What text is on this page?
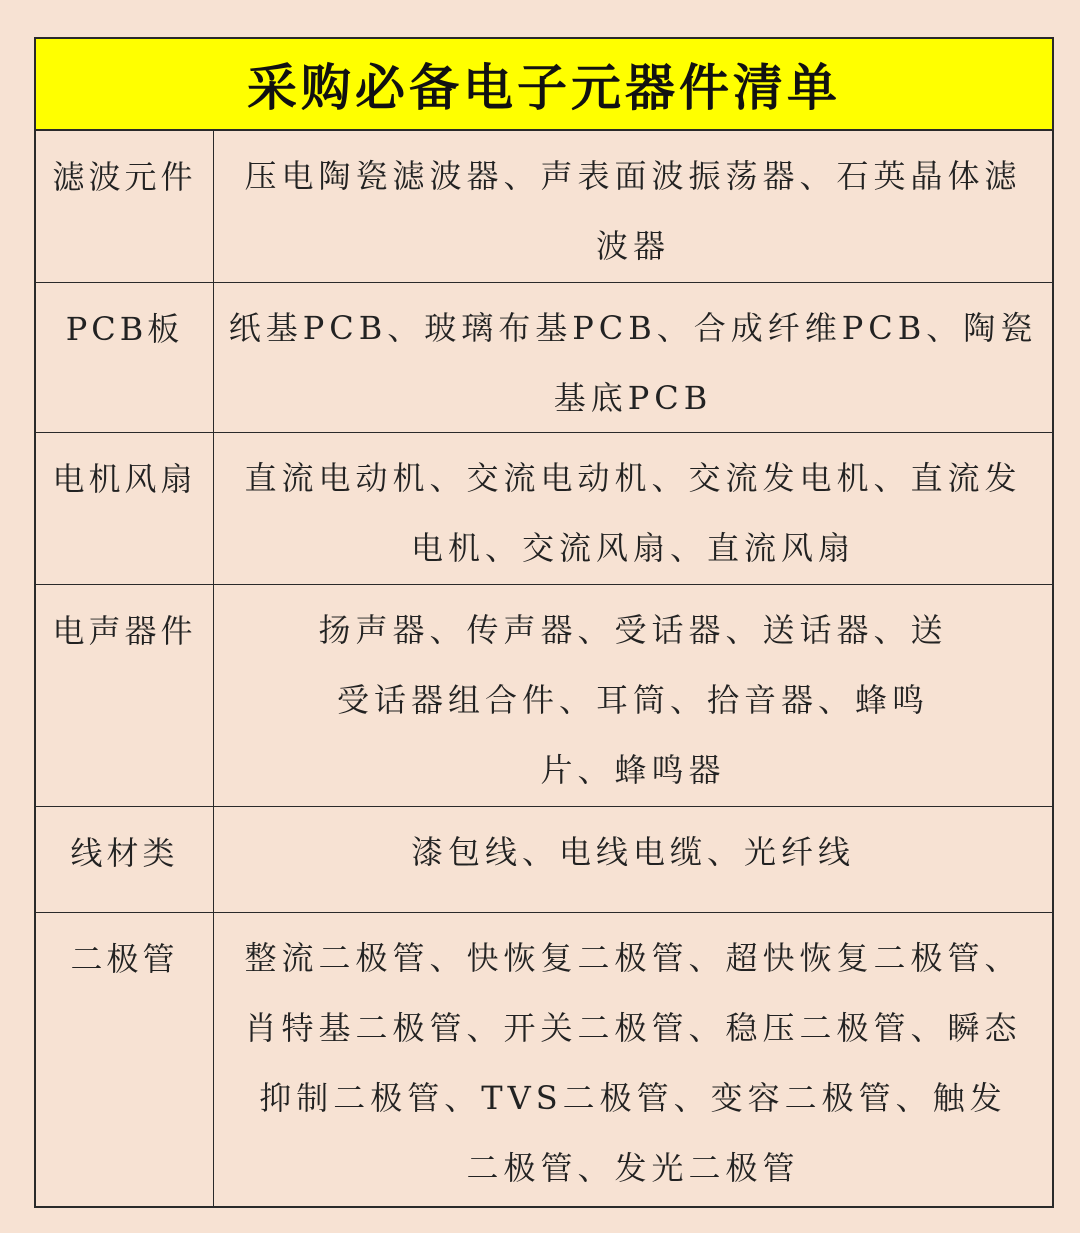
采购必备电子元器件清单
滤波元件	压电陶瓷滤波器、声表面波振荡器、石英晶体滤波器
PCB板	纸基PCB、玻璃布基PCB、合成纤维PCB、陶瓷基底PCB
电机风扇	直流电动机、交流电动机、交流发电机、直流发电机、交流风扇、直流风扇
电声器件	扬声器、传声器、受话器、送话器、送受话器组合件、耳筒、拾音器、蜂鸣片、蜂鸣器
线材类	漆包线、电线电缆、光纤线
二极管	整流二极管、快恢复二极管、超快恢复二极管、肖特基二极管、开关二极管、稳压二极管、瞬态抑制二极管、TVS二极管、变容二极管、触发二极管、发光二极管
